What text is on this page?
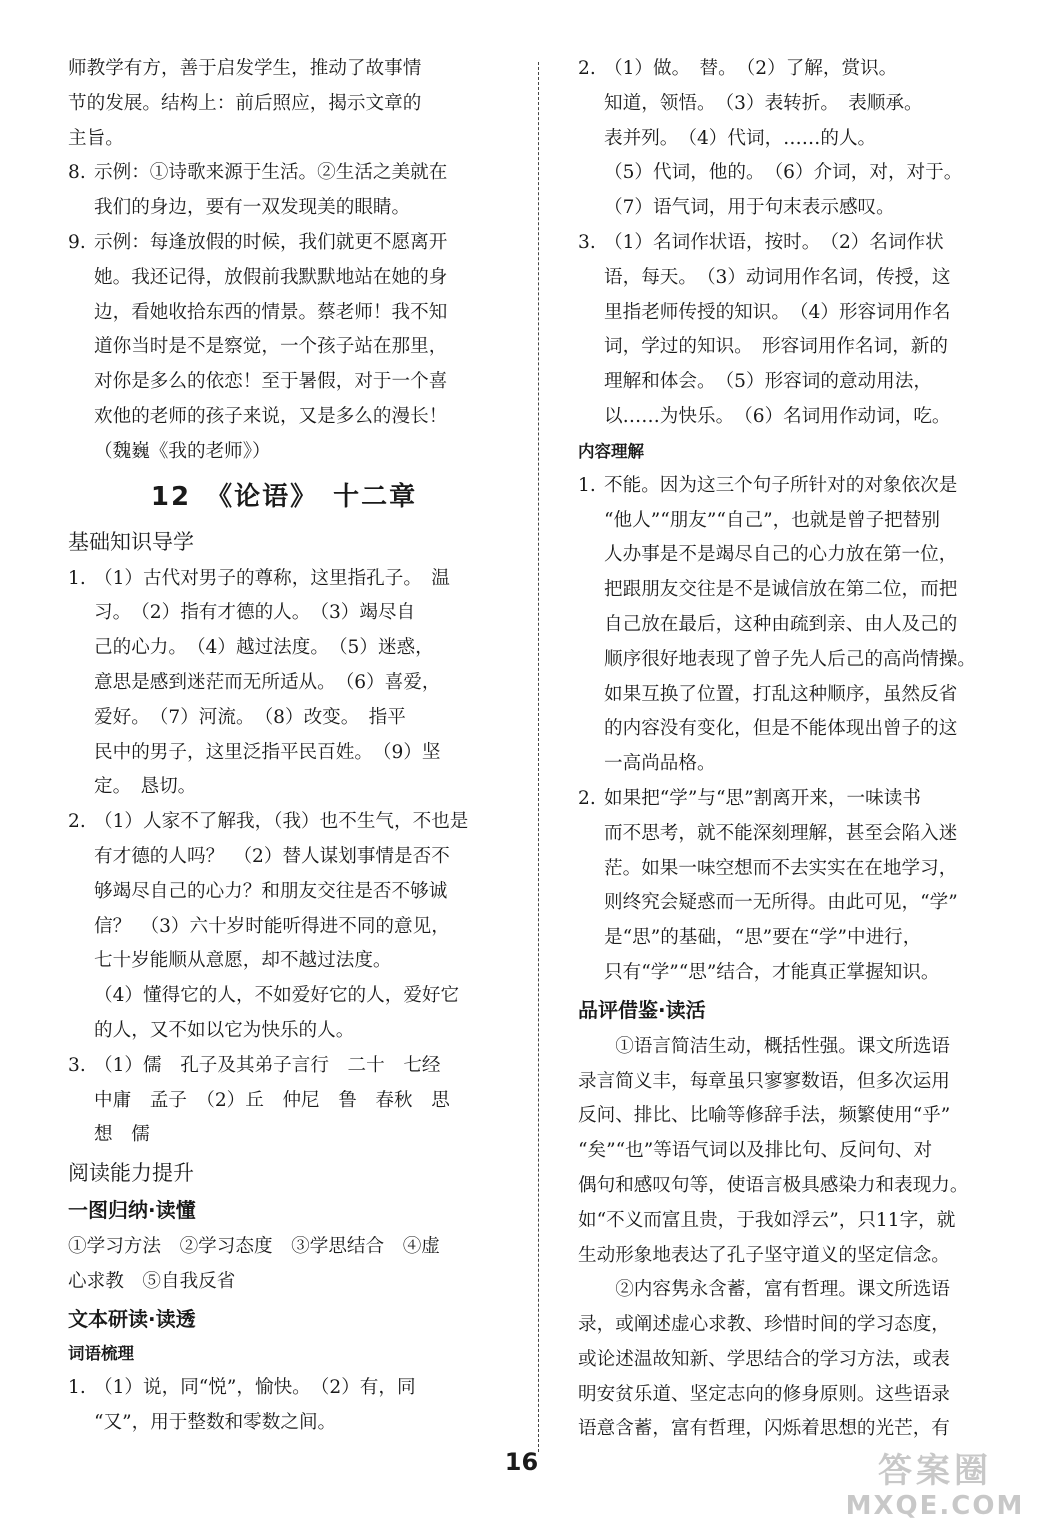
师教学有方，善于启发学生，推动了故事情
节的发展。结构上：前后照应，揭示文章的
主旨。
8. 示例：①诗歌来源于生活。②生活之美就在
我们的身边，要有一双发现美的眼睛。
9. 示例：每逢放假的时候，我们就更不愿离开
她。我还记得，放假前我默默地站在她的身
边，看她收拾东西的情景。蔡老师！我不知
道你当时是不是察觉，一个孩子站在那里，
对你是多么的依恋！至于暑假，对于一个喜
欢他的老师的孩子来说，又是多么的漫长！
（魏巍《我的老师》）
12　《论语》　十二章
基础知识导学
1. （1）古代对男子的尊称，这里指孔子。　温
习。　（2）指有才德的人。　（3）竭尽自
己的心力。　（4）越过法度。　（5）迷惑，
意思是感到迷茫而无所适从。　（6）喜爱，
爱好。　（7）河流。　（8）改变。　指平
民中的男子，这里泛指平民百姓。　（9）坚
定。　恳切。
2. （1）人家不了解我，（我）也不生气，不也是
有才德的人吗？　（2）替人谋划事情是否不
够竭尽自己的心力？和朋友交往是否不够诚
信？　（3）六十岁时能听得进不同的意见，
七十岁能顺从意愿，却不越过法度。
（4）懂得它的人，不如爱好它的人，爱好它
的人，又不如以它为快乐的人。
3. （1）儒　孔子及其弟子言行　二十　七经
中庸　孟子　（2）丘　仲尼　鲁　春秋　思
想　儒
阅读能力提升
一图归纳·读懂
①学习方法　②学习态度　③学思结合　④虚
心求教　⑤自我反省
文本研读·读透
词语梳理
1. （1）说，同“悦”，愉快。　（2）有，同
“又”，用于整数和零数之间。
2. （1）做。　替。　（2）了解，赏识。
知道，领悟。　（3）表转折。　表顺承。
表并列。　（4）代词，……的人。
（5）代词，他的。　（6）介词，对，对于。
（7）语气词，用于句末表示感叹。
3. （1）名词作状语，按时。　（2）名词作状
语，每天。　（3）动词用作名词，传授，这
里指老师传授的知识。　（4）形容词用作名
词，学过的知识。　形容词用作名词，新的
理解和体会。　（5）形容词的意动用法，
以……为快乐。　（6）名词用作动词，吃。
内容理解
1. 不能。因为这三个句子所针对的对象依次是
“他人”“朋友”“自己”，也就是曾子把替别
人办事是不是竭尽自己的心力放在第一位，
把跟朋友交往是不是诚信放在第二位，而把
自己放在最后，这种由疏到亲、由人及己的
顺序很好地表现了曾子先人后己的高尚情操。
如果互换了位置，打乱这种顺序，虽然反省
的内容没有变化，但是不能体现出曾子的这
一高尚品格。
2. 如果把“学”与“思”割离开来，一味读书
而不思考，就不能深刻理解，甚至会陷入迷
茫。如果一味空想而不去实实在在地学习，
则终究会疑惑而一无所得。由此可见，“学”
是“思”的基础，“思”要在“学”中进行，
只有“学”“思”结合，才能真正掌握知识。
品评借鉴·读活
①语言简洁生动，概括性强。课文所选语
录言简义丰，每章虽只寥寥数语，但多次运用
反问、排比、比喻等修辞手法，频繁使用“乎”
“矣”“也”等语气词以及排比句、反问句、对
偶句和感叹句等，使语言极具感染力和表现力。
如“不义而富且贵，于我如浮云”，只11字，就
生动形象地表达了孔子坚守道义的坚定信念。
②内容隽永含蓄，富有哲理。课文所选语
录，或阐述虚心求教、珍惜时间的学习态度，
或论述温故知新、学思结合的学习方法，或表
明安贫乐道、坚定志向的修身原则。这些语录
语意含蓄，富有哲理，闪烁着思想的光芒，有
16	答案圈
MXQE.COM
